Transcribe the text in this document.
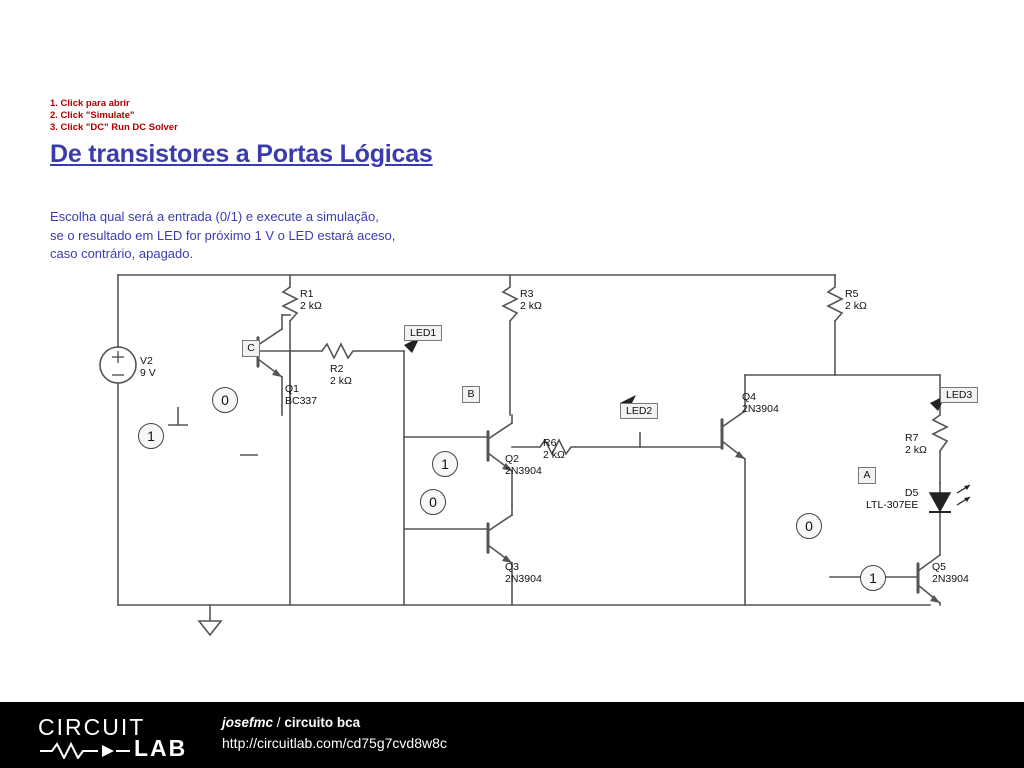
1. Click para abrir
2. Click "Simulate"
3. Click "DC" Run DC Solver
De transistores a Portas Lógicas
Escolha qual será a entrada (0/1) e execute a simulação,
se o resultado em LED for próximo 1 V o LED estará aceso,
caso contrário, apagado.
LED1
LED2
LED3
C
B
A
0
1
1
0
0
1
V2
9 V
R1
2 kΩ
R2
2 kΩ
R3
2 kΩ
R5
2 kΩ
R6
2 kΩ
R7
2 kΩ
Q1
BC337
Q2
2N3904
Q3
2N3904
Q4
2N3904
Q5
2N3904
D5
LTL-307EE
CIRCUIT
LAB
josefmc / circuito bca
http://circuitlab.com/cd75g7cvd8w8c
